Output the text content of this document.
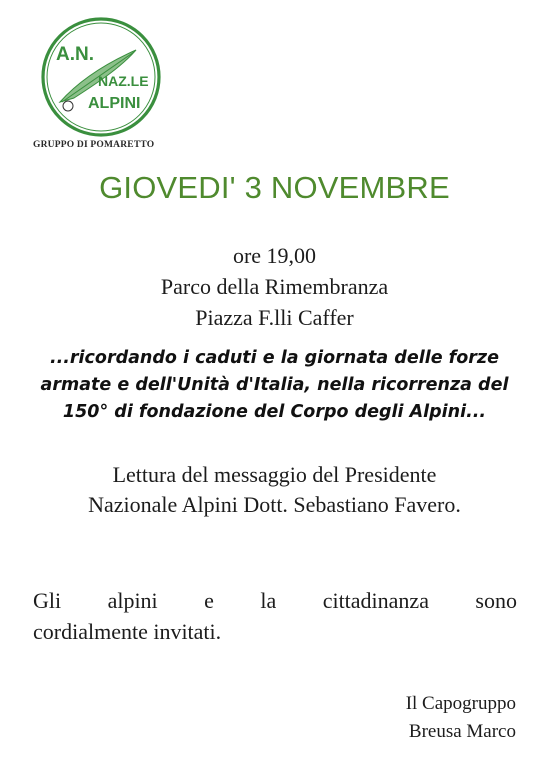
A.N.
NAZ.LE
ALPINI
GRUPPO DI POMARETTO
GIOVEDI' 3 NOVEMBRE
ore 19,00
Parco della Rimembranza
Piazza F.lli Caffer
...ricordando i caduti e la giornata delle forze
armate e dell'Unità d'Italia, nella ricorrenza del
150° di fondazione del Corpo degli Alpini...
Lettura del messaggio del Presidente
Nazionale Alpini Dott. Sebastiano Favero.
Gli alpini e la cittadinanza sono
cordialmente invitati.
Il Capogruppo
Breusa Marco
